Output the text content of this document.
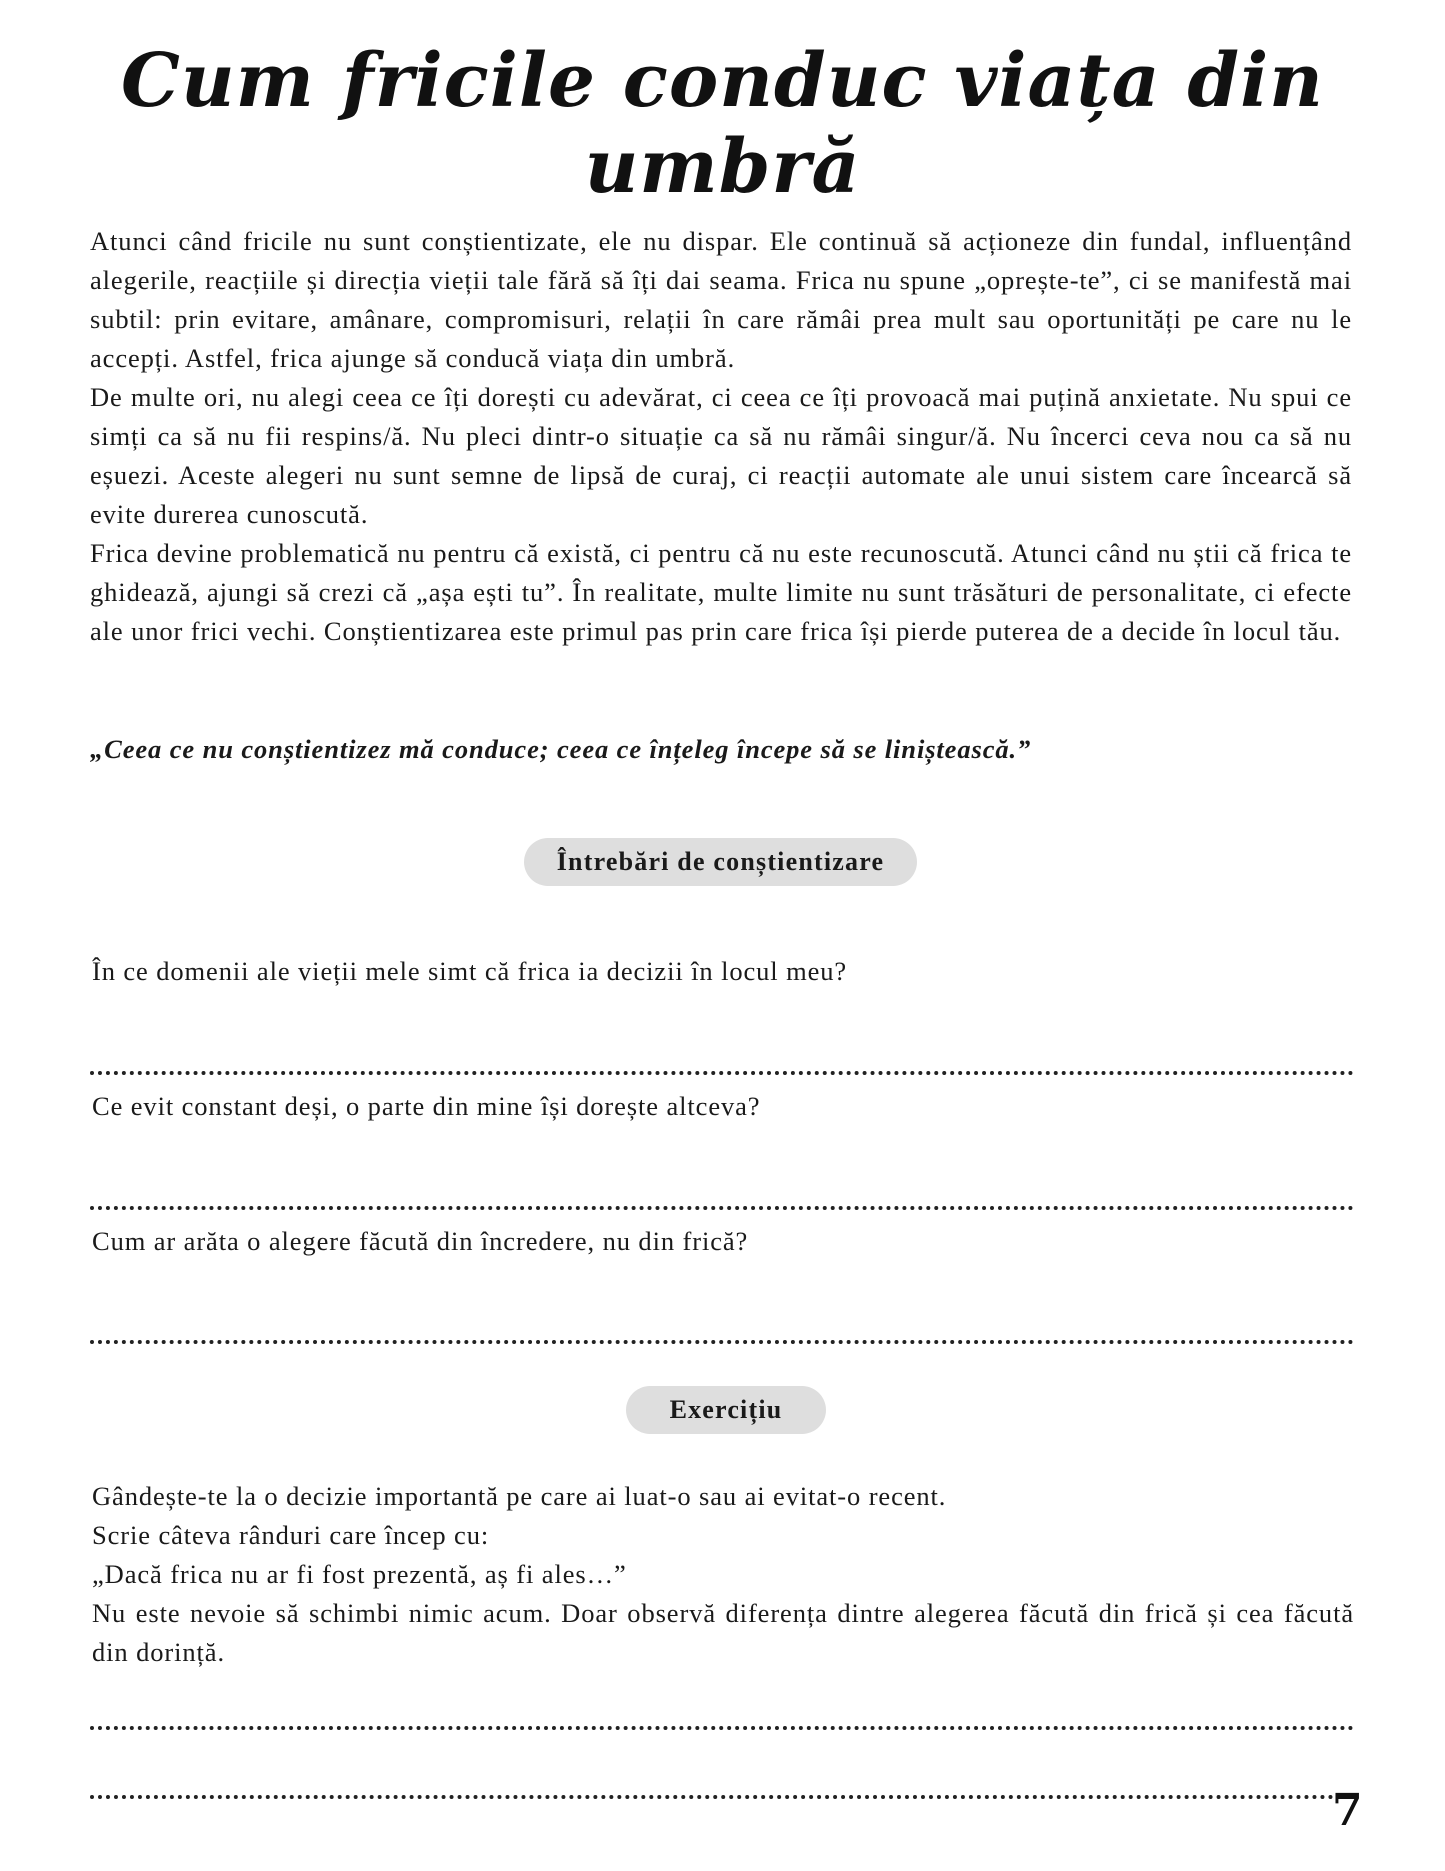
Cum fricile conduc viața din umbră

Atunci când fricile nu sunt conștientizate, ele nu dispar. Ele continuă să acționeze din fundal, influențând alegerile, reacțiile și direcția vieții tale fără să îți dai seama. Frica nu spune „oprește-te”, ci se manifestă mai subtil: prin evitare, amânare, compromisuri, relații în care rămâi prea mult sau oportunități pe care nu le accepți. Astfel, frica ajunge să conducă viața din umbră.

De multe ori, nu alegi ceea ce îți dorești cu adevărat, ci ceea ce îți provoacă mai puțină anxietate. Nu spui ce simți ca să nu fii respins/ă. Nu pleci dintr-o situație ca să nu rămâi singur/ă. Nu încerci ceva nou ca să nu eșuezi. Aceste alegeri nu sunt semne de lipsă de curaj, ci reacții automate ale unui sistem care încearcă să evite durerea cunoscută.

Frica devine problematică nu pentru că există, ci pentru că nu este recunoscută. Atunci când nu știi că frica te ghidează, ajungi să crezi că „așa ești tu”. În realitate, multe limite nu sunt trăsături de personalitate, ci efecte ale unor frici vechi. Conștientizarea este primul pas prin care frica își pierde puterea de a decide în locul tău.

„Ceea ce nu conștientizez mă conduce; ceea ce înțeleg începe să se liniștească.”
Întrebări de conștientizare
În ce domenii ale vieții mele simt că frica ia decizii în locul meu?
Ce evit constant deși, o parte din mine își dorește altceva?
Cum ar arăta o alegere făcută din încredere, nu din frică?
Exercițiu

Gândește-te la o decizie importantă pe care ai luat-o sau ai evitat-o recent.

Scrie câteva rânduri care încep cu:

„Dacă frica nu ar fi fost prezentă, aș fi ales…”

Nu este nevoie să schimbi nimic acum. Doar observă diferența dintre alegerea făcută din frică și cea făcută din dorință.

7
